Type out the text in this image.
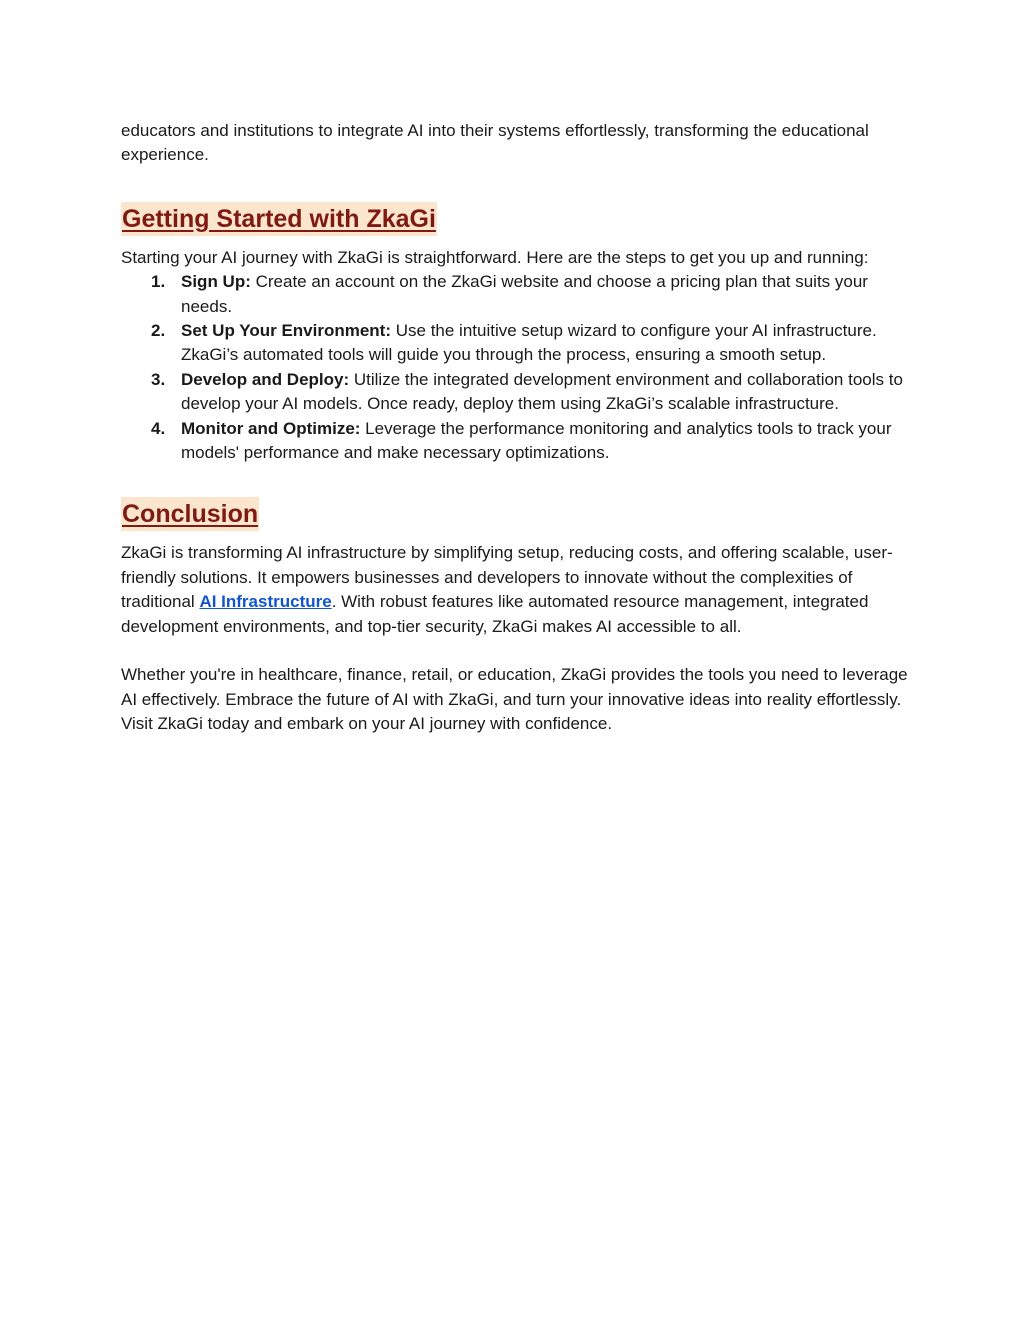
educators and institutions to integrate AI into their systems effortlessly, transforming the educational experience.

Getting Started with ZkaGi

Starting your AI journey with ZkaGi is straightforward. Here are the steps to get you up and running:

1. Sign Up: Create an account on the ZkaGi website and choose a pricing plan that suits your needs.
2. Set Up Your Environment: Use the intuitive setup wizard to configure your AI infrastructure. ZkaGi’s automated tools will guide you through the process, ensuring a smooth setup.
3. Develop and Deploy: Utilize the integrated development environment and collaboration tools to develop your AI models. Once ready, deploy them using ZkaGi’s scalable infrastructure.
4. Monitor and Optimize: Leverage the performance monitoring and analytics tools to track your models' performance and make necessary optimizations.
Conclusion

ZkaGi is transforming AI infrastructure by simplifying setup, reducing costs, and offering scalable, user-friendly solutions. It empowers businesses and developers to innovate without the complexities of traditional AI Infrastructure. With robust features like automated resource management, integrated development environments, and top-tier security, ZkaGi makes AI accessible to all.

Whether you're in healthcare, finance, retail, or education, ZkaGi provides the tools you need to leverage AI effectively. Embrace the future of AI with ZkaGi, and turn your innovative ideas into reality effortlessly. Visit ZkaGi today and embark on your AI journey with confidence.
